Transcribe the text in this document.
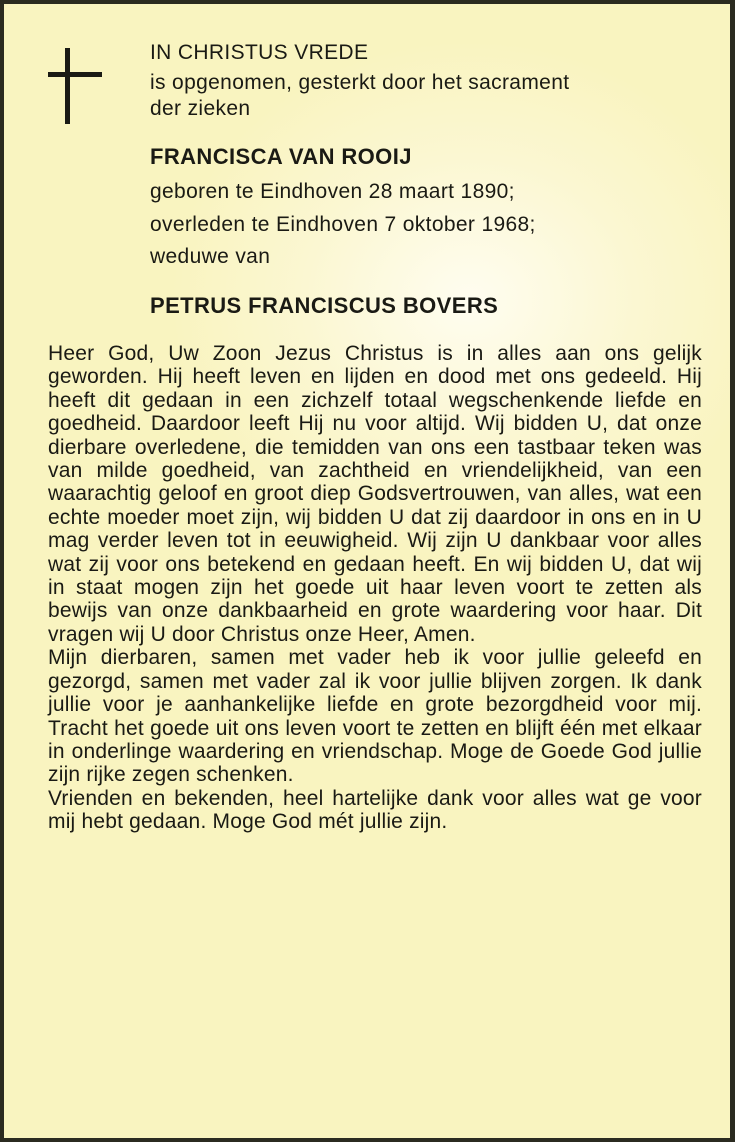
IN CHRISTUS VREDE
is opgenomen, gesterkt door het sacrament
der zieken
FRANCISCA VAN ROOIJ
geboren te Eindhoven 28 maart 1890;
overleden te Eindhoven 7 oktober 1968;
weduwe van
PETRUS FRANCISCUS BOVERS

Heer God, Uw Zoon Jezus Christus is in alles aan ons gelijk geworden. Hij heeft leven en lijden en dood met ons gedeeld. Hij heeft dit gedaan in een zichzelf totaal wegschenkende liefde en goedheid. Daardoor leeft Hij nu voor altijd. Wij bidden U, dat onze dierbare overledene, die temidden van ons een tastbaar teken was van milde goedheid, van zachtheid en vriendelijkheid, van een waarachtig geloof en groot diep Godsvertrouwen, van alles, wat een echte moeder moet zijn, wij bidden U dat zij daardoor in ons en in U mag verder leven tot in eeuwigheid. Wij zijn U dankbaar voor alles wat zij voor ons betekend en gedaan heeft. En wij bidden U, dat wij in staat mogen zijn het goede uit haar leven voort te zetten als bewijs van onze dankbaarheid en grote waardering voor haar. Dit vragen wij U door Christus onze Heer, Amen.

Mijn dierbaren, samen met vader heb ik voor jullie geleefd en gezorgd, samen met vader zal ik voor jullie blijven zorgen. Ik dank jullie voor je aanhankelijke liefde en grote bezorgdheid voor mij. Tracht het goede uit ons leven voort te zetten en blijft één met elkaar in onderlinge waardering en vriendschap. Moge de Goede God jullie zijn rijke zegen schenken.

Vrienden en bekenden, heel hartelijke dank voor alles wat ge voor mij hebt gedaan. Moge God mét jullie zijn.
